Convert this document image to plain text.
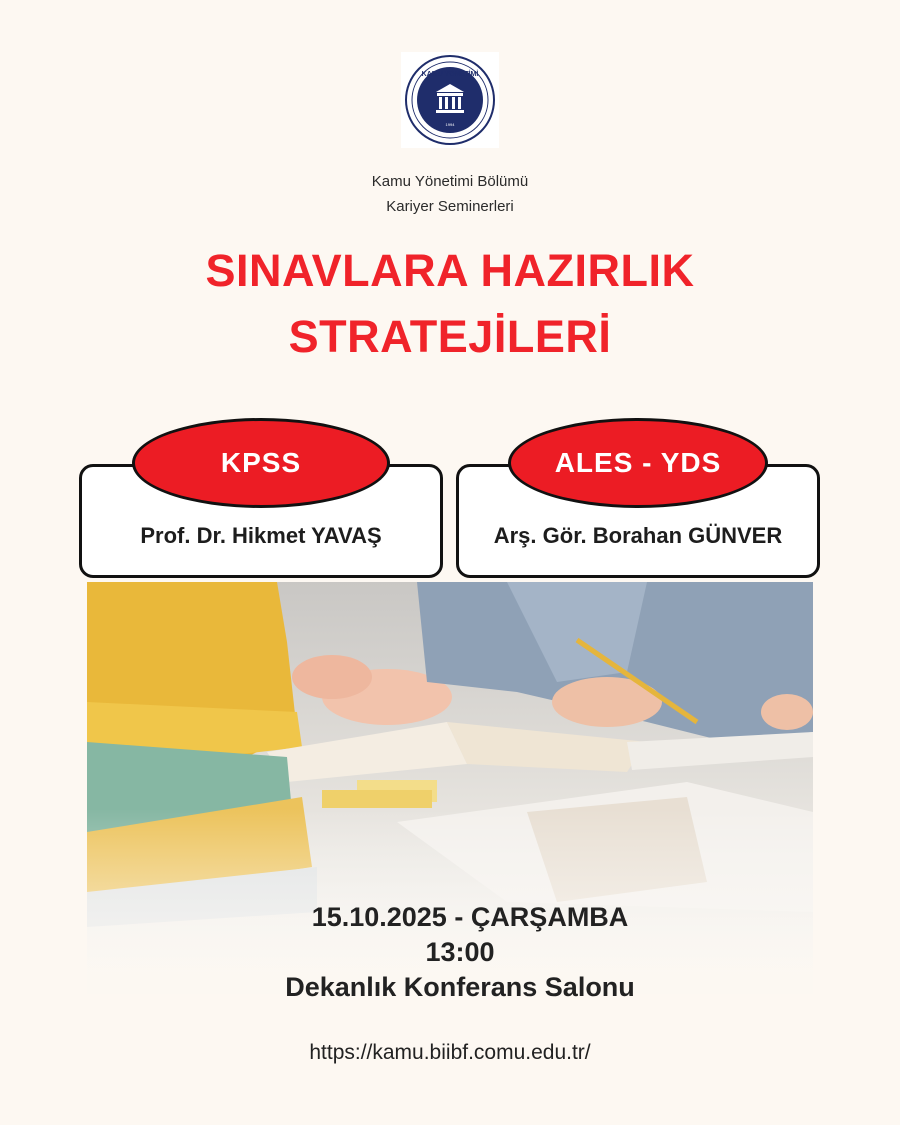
KAMU YÖNETİMİ
1994
Kamu Yönetimi Bölümü
Kariyer Seminerleri
SINAVLARA HAZIRLIK
STRATEJİLERİ
Prof. Dr. Hikmet YAVAŞ	Arş. Gör. Borahan GÜNVER
KPSS	ALES - YDS
15.10.2025 - ÇARŞAMBA
13:00
Dekanlık Konferans Salonu
https://kamu.biibf.comu.edu.tr/
